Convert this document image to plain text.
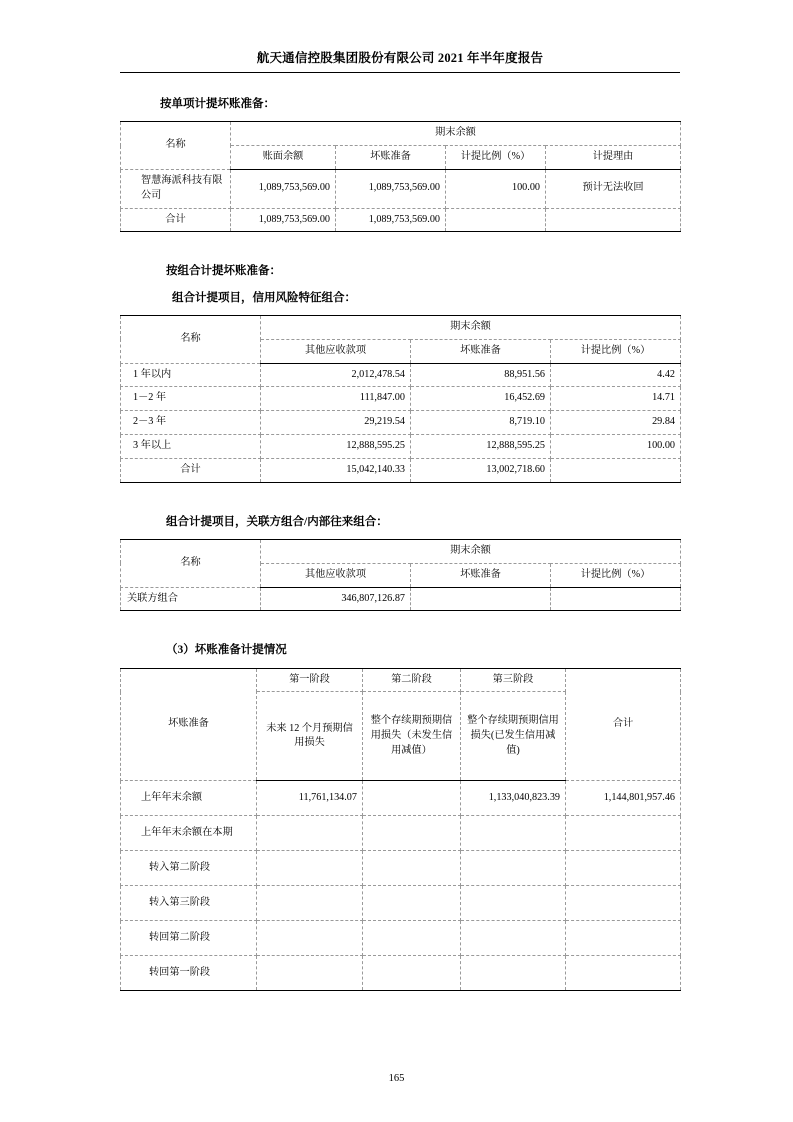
航天通信控股集团股份有限公司 2021 年半年度报告
按单项计提坏账准备：
名称	期末余额			
	账面余额	坏账准备	计提比例（%）	计提理由
智慧海派科技有限公司	1,089,753,569.00	1,089,753,569.00	100.00	预计无法收回
合计	1,089,753,569.00	1,089,753,569.00		
按组合计提坏账准备：
组合计提项目，信用风险特征组合：
名称	期末余额		
	其他应收款项	坏账准备	计提比例（%）
1 年以内	2,012,478.54	88,951.56	4.42
1－2 年	111,847.00	16,452.69	14.71
2－3 年	29,219.54	8,719.10	29.84
3 年以上	12,888,595.25	12,888,595.25	100.00
合计	15,042,140.33	13,002,718.60	
组合计提项目，关联方组合/内部往来组合：
名称	期末余额		
	其他应收款项	坏账准备	计提比例（%）
关联方组合	346,807,126.87		
（3）坏账准备计提情况
坏账准备	第一阶段	第二阶段	第三阶段	合计
	未来 12 个月预期信用损失	整个存续期预期信用损失（未发生信用减值）	整个存续期预期信用损失(已发生信用减值)	
上年年末余额	11,761,134.07		1,133,040,823.39	1,144,801,957.46
上年年末余额在本期				
转入第二阶段				
转入第三阶段				
转回第二阶段				
转回第一阶段				
165
